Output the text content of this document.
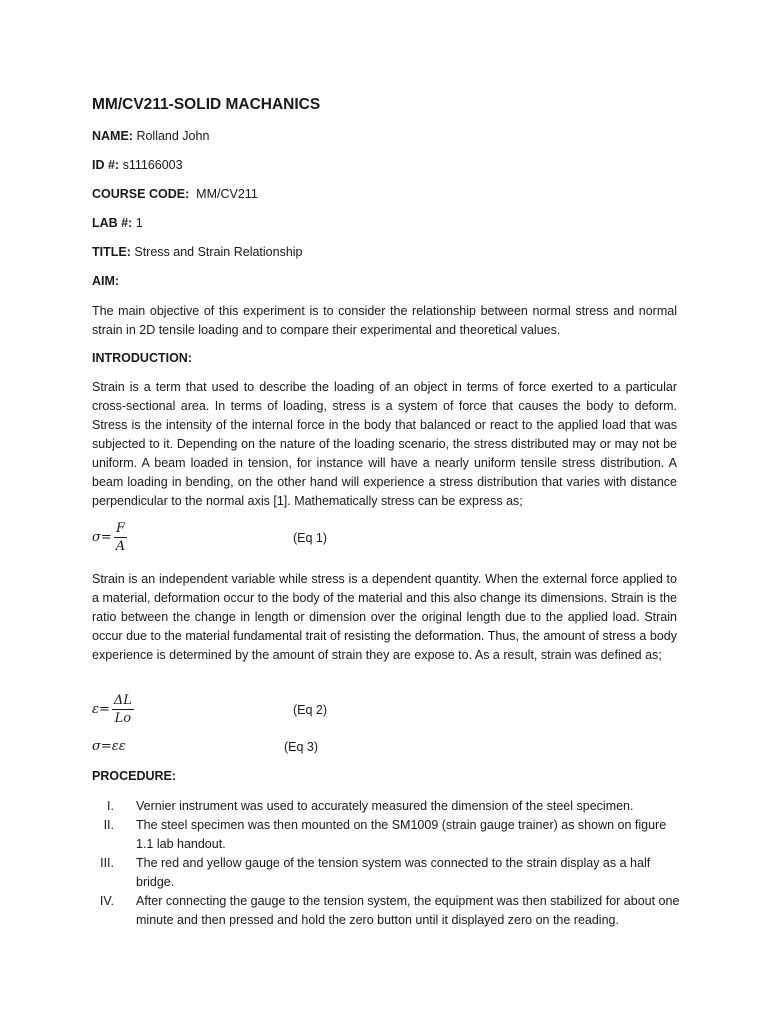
MM/CV211-SOLID MACHANICS
NAME: Rolland John
ID #: s11166003
COURSE CODE:  MM/CV211
LAB #: 1
TITLE: Stress and Strain Relationship
AIM:

The main objective of this experiment is to consider the relationship between normal stress and normal strain in 2D tensile loading and to compare their experimental and theoretical values.

INTRODUCTION:

Strain is a term that used to describe the loading of an object in terms of force exerted to a particular cross-sectional area. In terms of loading, stress is a system of force that causes the body to deform. Stress is the intensity of the internal force in the body that balanced or react to the applied load that was subjected to it. Depending on the nature of the loading scenario, the stress distributed may or may not be uniform. A beam loaded in tension, for instance will have a nearly uniform tensile stress distribution. A beam loading in bending, on the other hand will experience a stress distribution that varies with distance perpendicular to the normal axis [1]. Mathematically stress can be express as;

$\sigma= \frac{F}{A}$	(Eq 1)

Strain is an independent variable while stress is a dependent quantity. When the external force applied to a material, deformation occur to the body of the material and this also change its dimensions. Strain is the ratio between the change in length or dimension over the original length due to the applied load. Strain occur due to the material fundamental trait of resisting the deformation. Thus, the amount of stress a body experience is determined by the amount of strain they are expose to. As a result, strain was defined as;

$\varepsilon= \frac{\Delta L}{Lo}$	(Eq 2)
σ=εε	(Eq 3)
PROCEDURE:
I. Vernier instrument was used to accurately measured the dimension of the steel specimen.
II. The steel specimen was then mounted on the SM1009 (strain gauge trainer) as shown on figure 1.1 lab handout.
III. The red and yellow gauge of the tension system was connected to the strain display as a half bridge.
IV. After connecting the gauge to the tension system, the equipment was then stabilized for about one minute and then pressed and hold the zero button until it displayed zero on the reading.
